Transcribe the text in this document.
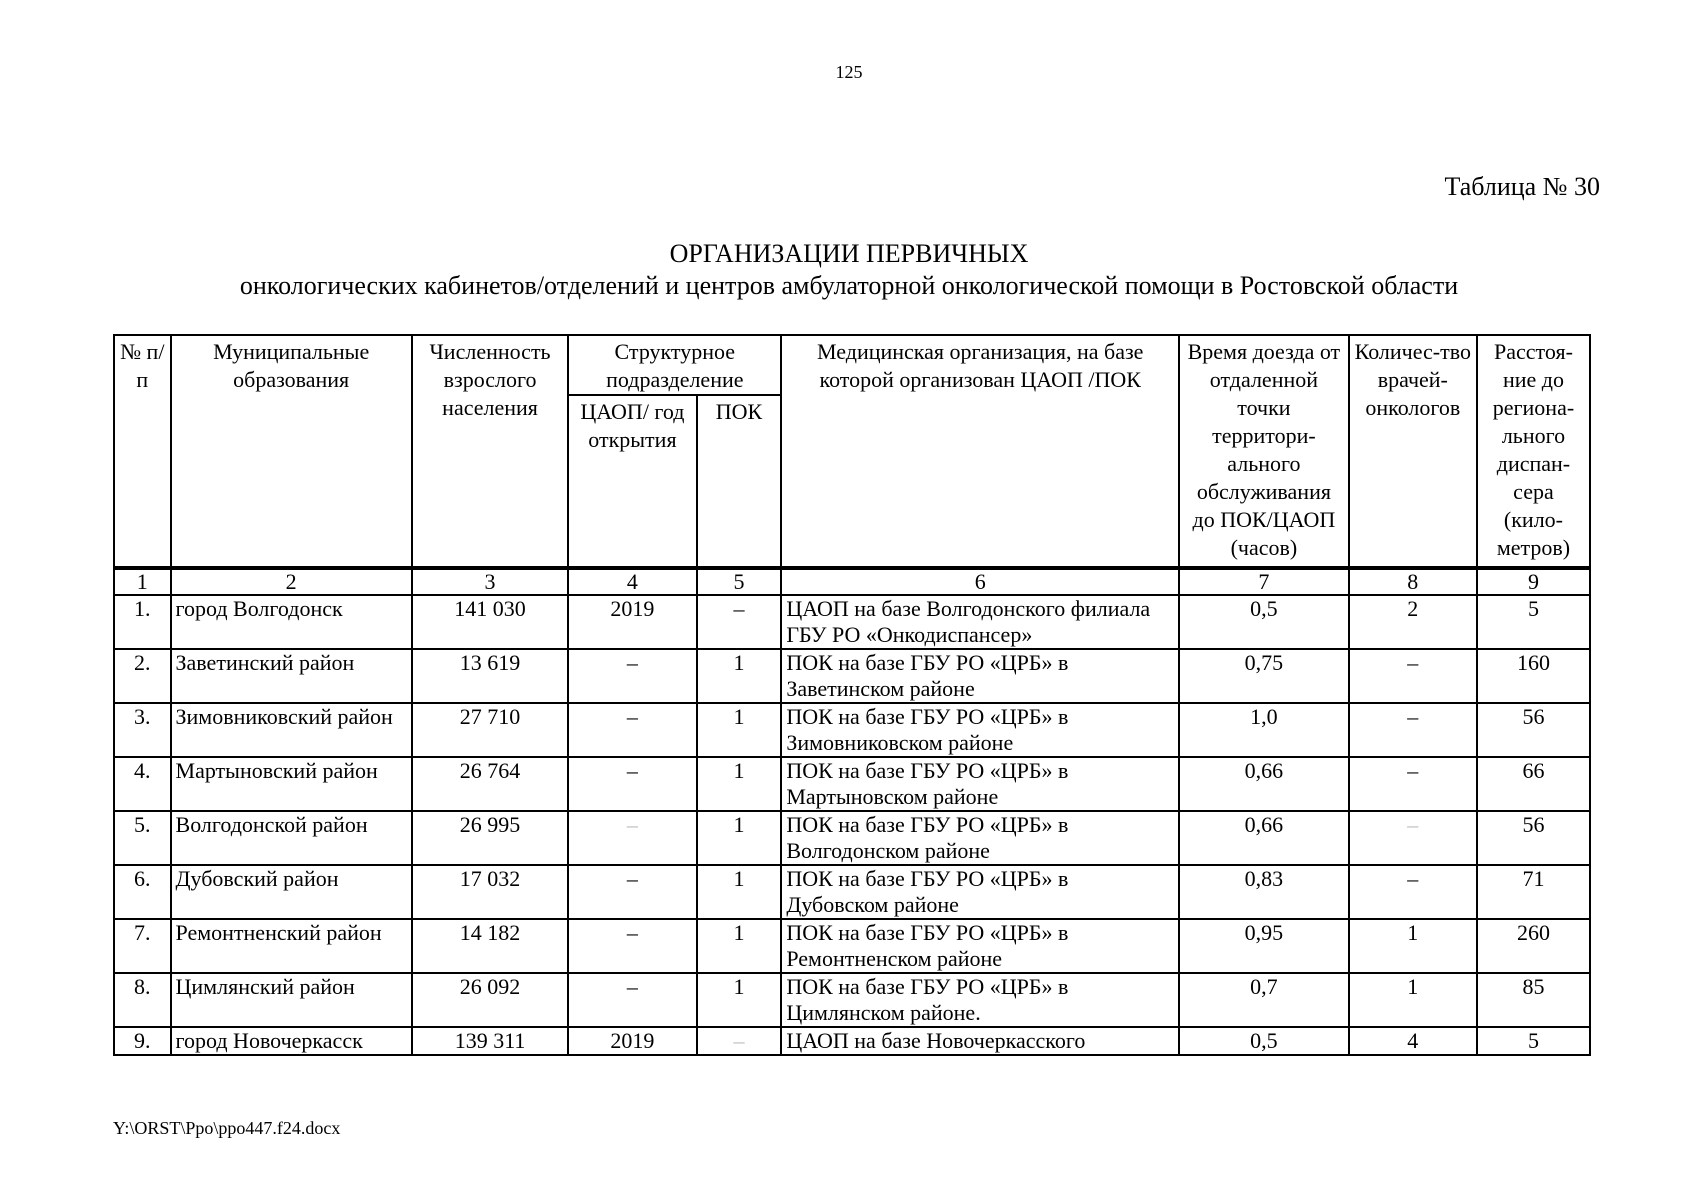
125
Таблица № 30
ОРГАНИЗАЦИИ ПЕРВИЧНЫХ
онкологических кабинетов/отделений и центров амбулаторной онкологической помощи в Ростовской области
№ п/п	Муниципальные образования	Численность взрослого населения	Структурное подразделение		Медицинская организация, на базе которой организован ЦАОП /ПОК	Время доезда от отдаленной точки территори-ального обслуживания до ПОК/ЦАОП (часов)	Количес-тво врачей-онкологов	Расстоя-ние до региона-льного диспан-сера (кило-метров)
			ЦАОП/ год открытия	ПОК				
1	2	3	4	5	6	7	8	9
1.	город Волгодонск	141 030	2019	–	ЦАОП на базе Волгодонского филиала ГБУ РО «Онкодиспансер»	0,5	2	5
2.	Заветинский район	13 619	–	1	ПОК на базе ГБУ РО «ЦРБ» в Заветинском районе	0,75	–	160
3.	Зимовниковский район	27 710	–	1	ПОК на базе ГБУ РО «ЦРБ» в Зимовниковском районе	1,0	–	56
4.	Мартыновский район	26 764	–	1	ПОК на базе ГБУ РО «ЦРБ» в Мартыновском районе	0,66	–	66
5.	Волгодонской район	26 995	–	1	ПОК на базе ГБУ РО «ЦРБ» в Волгодонском районе	0,66	–	56
6.	Дубовский район	17 032	–	1	ПОК на базе ГБУ РО «ЦРБ» в Дубовском районе	0,83	–	71
7.	Ремонтненский район	14 182	–	1	ПОК на базе ГБУ РО «ЦРБ» в Ремонтненском районе	0,95	1	260
8.	Цимлянский район	26 092	–	1	ПОК на базе ГБУ РО «ЦРБ» в Цимлянском районе.	0,7	1	85
9.	город Новочеркасск	139 311	2019	–	ЦАОП на базе Новочеркасского	0,5	4	5
Y:\ORST\Ppo\ppo447.f24.docx
